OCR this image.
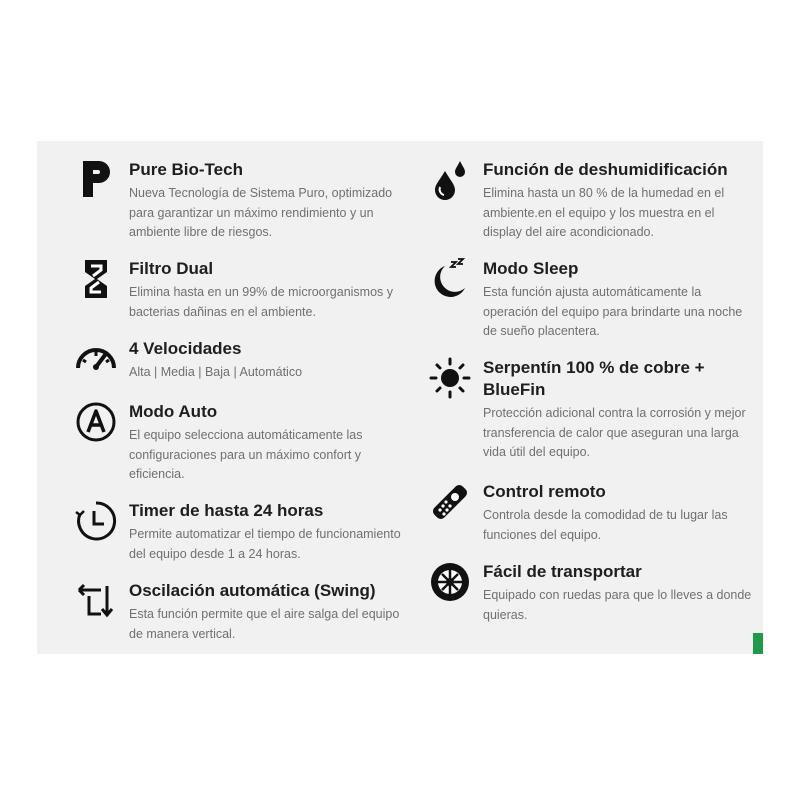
Pure Bio-Tech
Nueva Tecnología de Sistema Puro, optimizado para garantizar un máximo rendimiento y un ambiente libre de riesgos.
Filtro Dual
Elimina hasta en un 99% de microorganismos y bacterias dañinas en el ambiente.
4 Velocidades
Alta | Media | Baja | Automático
Modo Auto
El equipo selecciona automáticamente las configuraciones para un máximo confort y eficiencia.
Timer de hasta 24 horas
Permite automatizar el tiempo de funcionamiento del equipo desde 1 a 24 horas.
Oscilación automática (Swing)
Esta función permite que el aire salga del equipo de manera vertical.
Función de deshumidificación
Elimina hasta un 80 % de la humedad en el ambiente.en el equipo y los muestra en el display del aire acondicionado.
Modo Sleep
Esta función ajusta automáticamente la operación del equipo para brindarte una noche de sueño placentera.
Serpentín 100 % de cobre + BlueFin
Protección adicional contra la corrosión y mejor transferencia de calor que aseguran una larga vida útil del equipo.
Control remoto
Controla desde la comodidad de tu lugar las funciones del equipo.
Fácil de transportar
Equipado con ruedas para que lo lleves a donde quieras.
